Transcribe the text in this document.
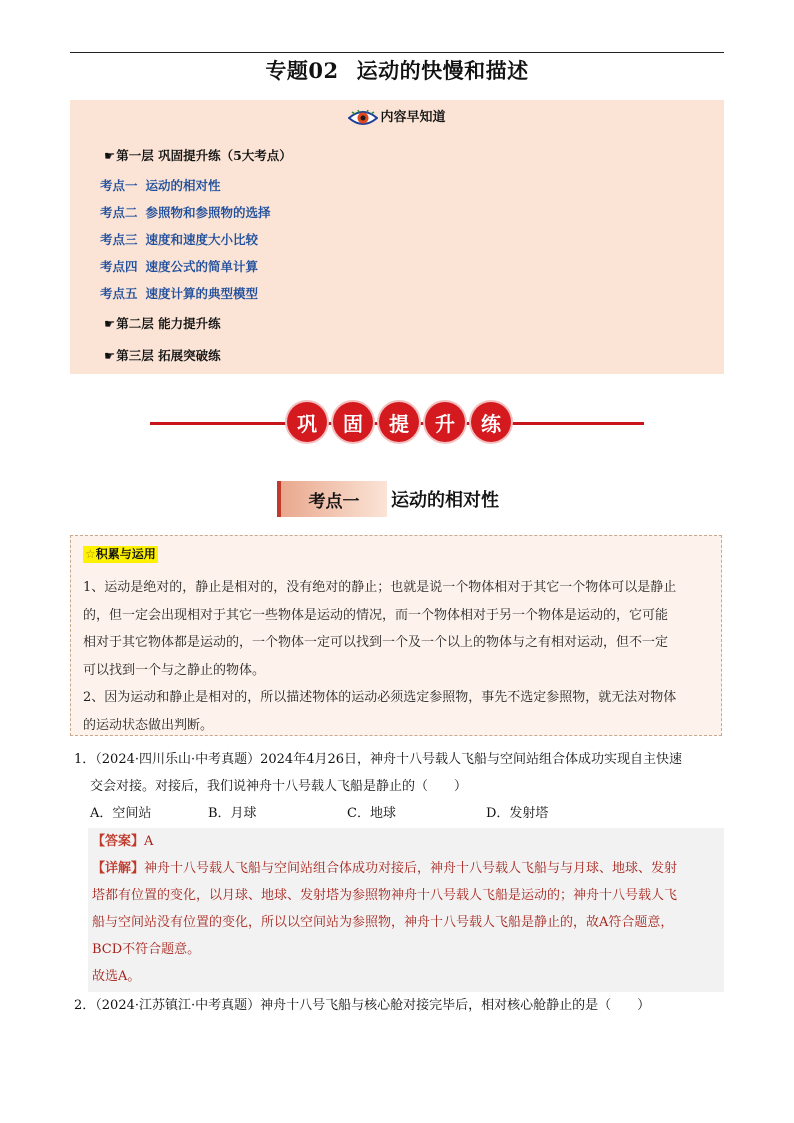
专题02 运动的快慢和描述
内容早知道
☛第一层 巩固提升练（5大考点）
考点一 运动的相对性
考点二 参照物和参照物的选择
考点三 速度和速度大小比较
考点四 速度公式的简单计算
考点五 速度计算的典型模型
☛第二层 能力提升练
☛第三层 拓展突破练
巩	固	提	升	练
考点一	运动的相对性
☆积累与运用
1、运动是绝对的，静止是相对的，没有绝对的静止；也就是说一个物体相对于其它一个物体可以是静止
的，但一定会出现相对于其它一些物体是运动的情况，而一个物体相对于另一个物体是运动的，它可能
相对于其它物体都是运动的，一个物体一定可以找到一个及一个以上的物体与之有相对运动，但不一定
可以找到一个与之静止的物体。
2、因为运动和静止是相对的，所以描述物体的运动必须选定参照物，事先不选定参照物，就无法对物体
的运动状态做出判断。
1．（2024·四川乐山·中考真题）2024年4月26日，神舟十八号载人飞船与空间站组合体成功实现自主快速
交会对接。对接后，我们说神舟十八号载人飞船是静止的（　　）
A．空间站	B．月球	C．地球	D．发射塔
【答案】A
【详解】神舟十八号载人飞船与空间站组合体成功对接后，神舟十八号载人飞船与与月球、地球、发射
塔都有位置的变化，以月球、地球、发射塔为参照物神舟十八号载人飞船是运动的；神舟十八号载人飞
船与空间站没有位置的变化，所以以空间站为参照物，神舟十八号载人飞船是静止的，故A符合题意，
BCD不符合题意。
故选A。
2．（2024·江苏镇江·中考真题）神舟十八号飞船与核心舱对接完毕后，相对核心舱静止的是（　　）
